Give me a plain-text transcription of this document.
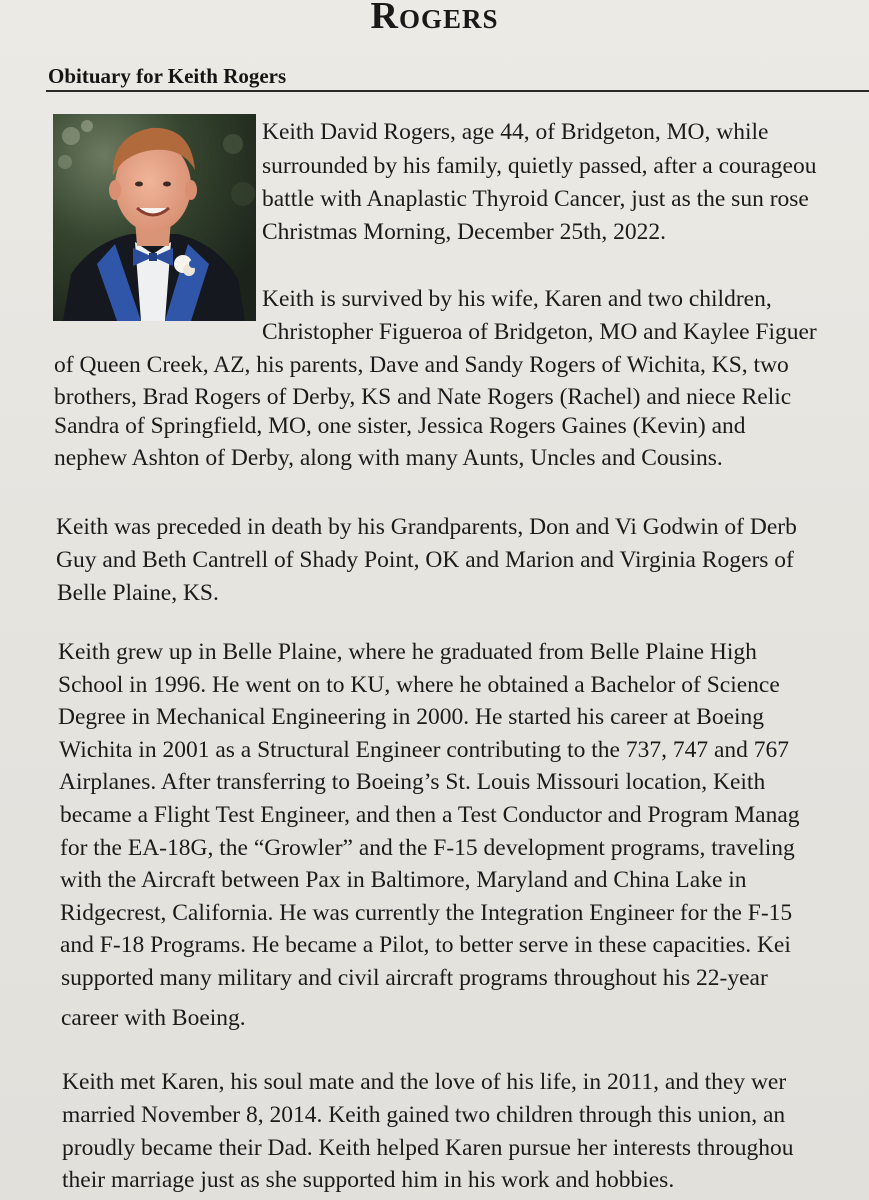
Rogers
Obituary for Keith Rogers

Keith David Rogers, age 44, of Bridgeton, MO, while

surrounded by his family, quietly passed, after a courageou

battle with Anaplastic Thyroid Cancer, just as the sun rose

Christmas Morning, December 25th, 2022.

Keith is survived by his wife, Karen and two children,

Christopher Figueroa of Bridgeton, MO and Kaylee Figuer

of Queen Creek, AZ, his parents, Dave and Sandy Rogers of Wichita, KS, two

brothers, Brad Rogers of Derby, KS and Nate Rogers (Rachel) and niece Relic

Sandra of Springfield, MO, one sister, Jessica Rogers Gaines (Kevin) and

nephew Ashton of Derby, along with many Aunts, Uncles and Cousins.

Keith was preceded in death by his Grandparents, Don and Vi Godwin of Derb

Guy and Beth Cantrell of Shady Point, OK and Marion and Virginia Rogers of

Belle Plaine, KS.

Keith grew up in Belle Plaine, where he graduated from Belle Plaine High

School in 1996. He went on to KU, where he obtained a Bachelor of Science

Degree in Mechanical Engineering in 2000. He started his career at Boeing

Wichita in 2001 as a Structural Engineer contributing to the 737, 747 and 767

Airplanes. After transferring to Boeing’s St. Louis Missouri location, Keith

became a Flight Test Engineer, and then a Test Conductor and Program Manag

for the EA-18G, the “Growler” and the F-15 development programs, traveling

with the Aircraft between Pax in Baltimore, Maryland and China Lake in

Ridgecrest, California. He was currently the Integration Engineer for the F-15

and F-18 Programs. He became a Pilot, to better serve in these capacities. Kei

supported many military and civil aircraft programs throughout his 22-year

career with Boeing.

Keith met Karen, his soul mate and the love of his life, in 2011, and they wer

married November 8, 2014. Keith gained two children through this union, an

proudly became their Dad. Keith helped Karen pursue her interests throughou

their marriage just as she supported him in his work and hobbies.
